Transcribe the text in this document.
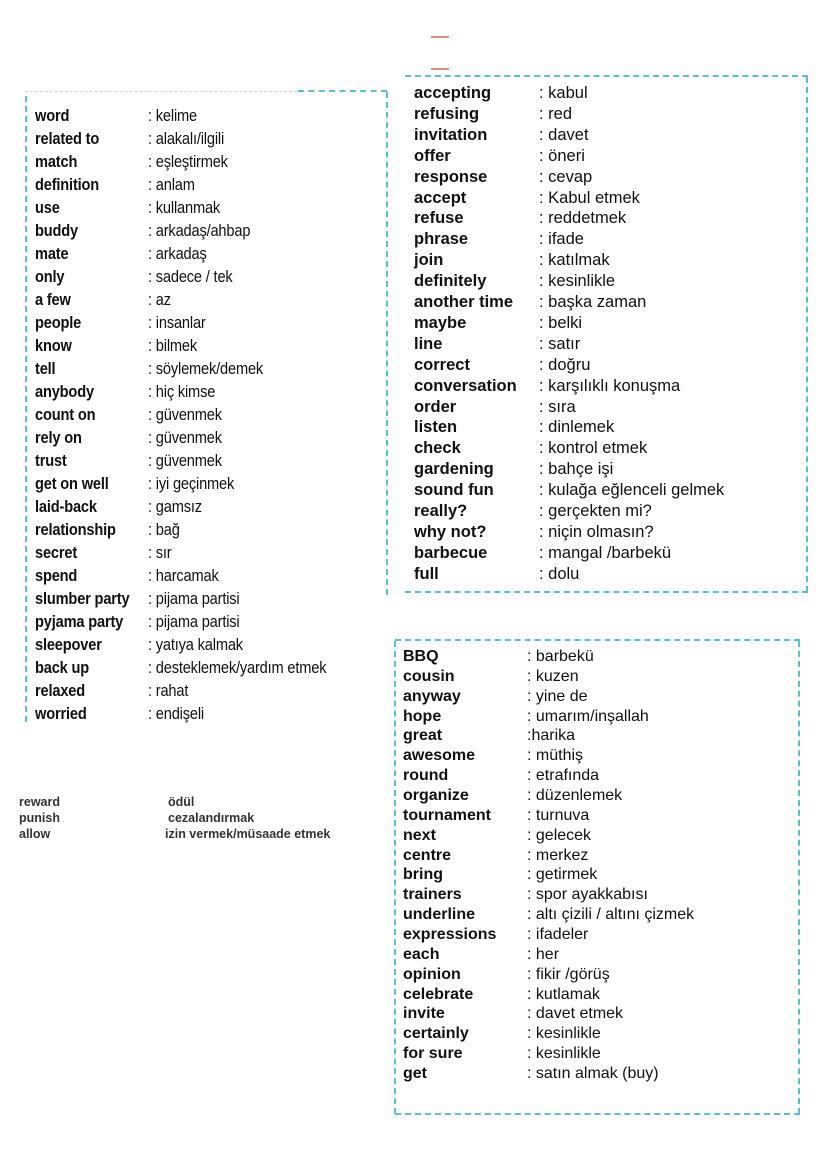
word	: kelime
related to	: alakalı/ilgili
match	: eşleştirmek
definition	: anlam
use	: kullanmak
buddy	: arkadaş/ahbap
mate	: arkadaş
only	: sadece / tek
a few	: az
people	: insanlar
know	: bilmek
tell	: söylemek/demek
anybody	: hiç kimse
count on	: güvenmek
rely on	: güvenmek
trust	: güvenmek
get on well : iyi geçinmek
laid-back	: gamsız
relationship : bağ
secret	: sır
spend	: harcamak
slumber party : pijama partisi
pyjama party : pijama partisi
sleepover	: yatıya kalmak
back up	: desteklemek/yardım etmek
relaxed	: rahat
worried	: endişeli
accepting	: kabul
refusing	: red
invitation	: davet
offer	: öneri
response	: cevap
accept	: Kabul etmek
refuse	: reddetmek
phrase	: ifade
join	: katılmak
definitely	: kesinlikle
another time : başka zaman
maybe	: belki
line	: satır
correct	: doğru
conversation : karşılıklı konuşma
order	: sıra
listen	: dinlemek
check	: kontrol etmek
gardening	: bahçe işi
sound fun	: kulağa eğlenceli gelmek
really?	: gerçekten mi?
why not?	: niçin olmasın?
barbecue	: mangal /barbekü
full	: dolu
BBQ	: barbekü
cousin	: kuzen
anyway	: yine de
hope	: umarım/inşallah
great	:harika
awesome	: müthiş
round	: etrafında
organize	: düzenlemek
tournament : turnuva
next	: gelecek
centre	: merkez
bring	: getirmek
trainers	: spor ayakkabısı
underline	: altı çizili / altını çizmek
expressions : ifadeler
each	: her
opinion	: fikir /görüş
celebrate	: kutlamak
invite	: davet etmek
certainly	: kesinlikle
for sure	: kesinlikle
get	: satın almak (buy)
reward	ödül
punish	cezalandırmak
allow	izin vermek/müsaade etmek
